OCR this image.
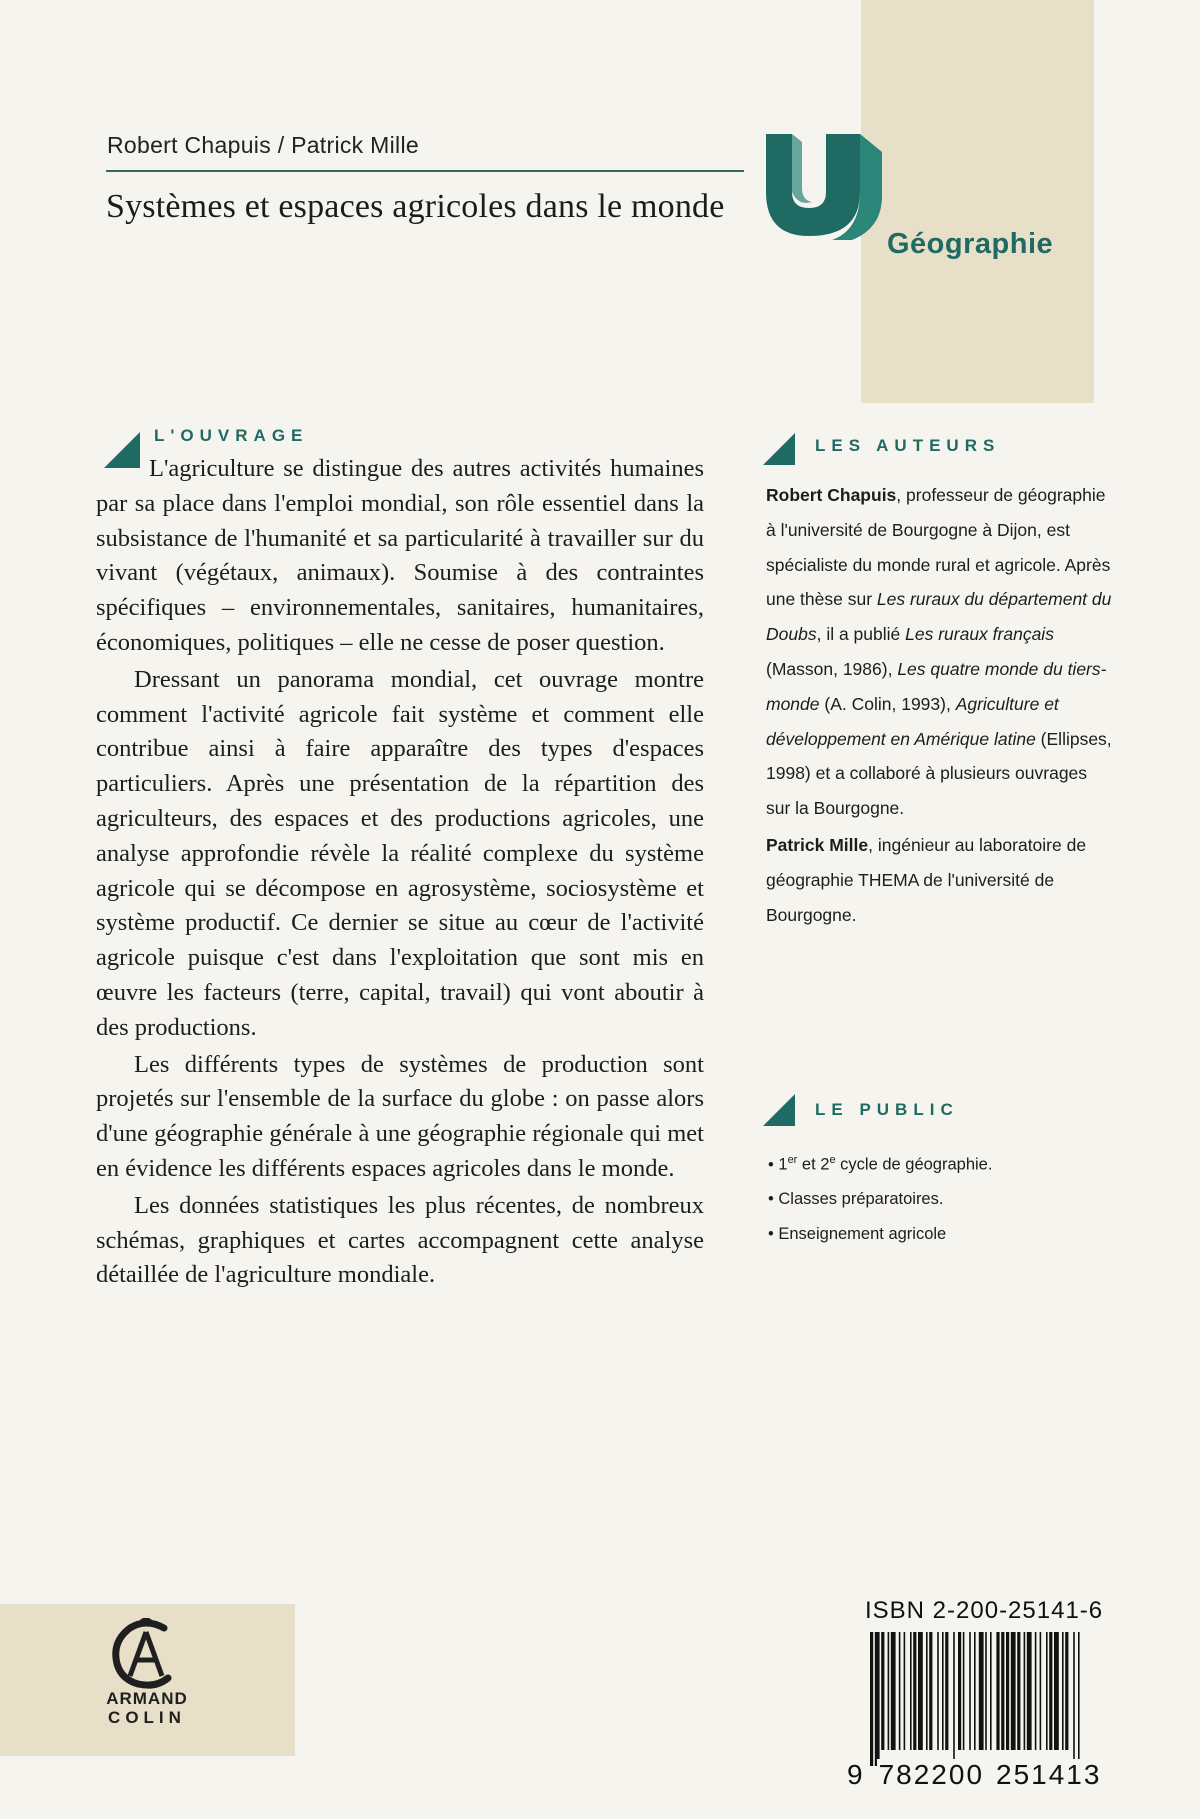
Géographie
Robert Chapuis / Patrick Mille
Systèmes et espaces agricoles dans le monde
L'OUVRAGE

L'agriculture se distingue des autres activités humaines par sa place dans l'emploi mondial, son rôle essentiel dans la subsistance de l'humanité et sa particularité à travailler sur du vivant (végétaux, animaux). Soumise à des contraintes spécifiques – environnementales, sanitaires, humanitaires, économiques, politiques – elle ne cesse de poser question.

Dressant un panorama mondial, cet ouvrage montre comment l'activité agricole fait système et comment elle contribue ainsi à faire apparaître des types d'espaces particuliers. Après une présentation de la répartition des agriculteurs, des espaces et des productions agricoles, une analyse approfondie révèle la réalité complexe du système agricole qui se décompose en agrosystème, sociosystème et système productif. Ce dernier se situe au cœur de l'activité agricole puisque c'est dans l'exploitation que sont mis en œuvre les facteurs (terre, capital, travail) qui vont aboutir à des productions.

Les différents types de systèmes de production sont projetés sur l'ensemble de la surface du globe : on passe alors d'une géographie générale à une géographie régionale qui met en évidence les différents espaces agricoles dans le monde.

Les données statistiques les plus récentes, de nombreux schémas, graphiques et cartes accompagnent cette analyse détaillée de l'agriculture mondiale.

LES AUTEURS

Robert Chapuis, professeur de géographie à l'université de Bourgogne à Dijon, est spécialiste du monde rural et agricole. Après une thèse sur Les ruraux du département du Doubs, il a publié Les ruraux français (Masson, 1986), Les quatre monde du tiers-monde (A. Colin, 1993), Agriculture et développement en Amérique latine (Ellipses, 1998) et a collaboré à plusieurs ouvrages sur la Bourgogne.

Patrick Mille, ingénieur au laboratoire de géographie THEMA de l'université de Bourgogne.

LE PUBLIC
• 1er et 2e cycle de géographie.
• Classes préparatoires.
• Enseignement agricole
ARMAND
COLIN
ISBN 2-200-25141-6
9 782200 251413
